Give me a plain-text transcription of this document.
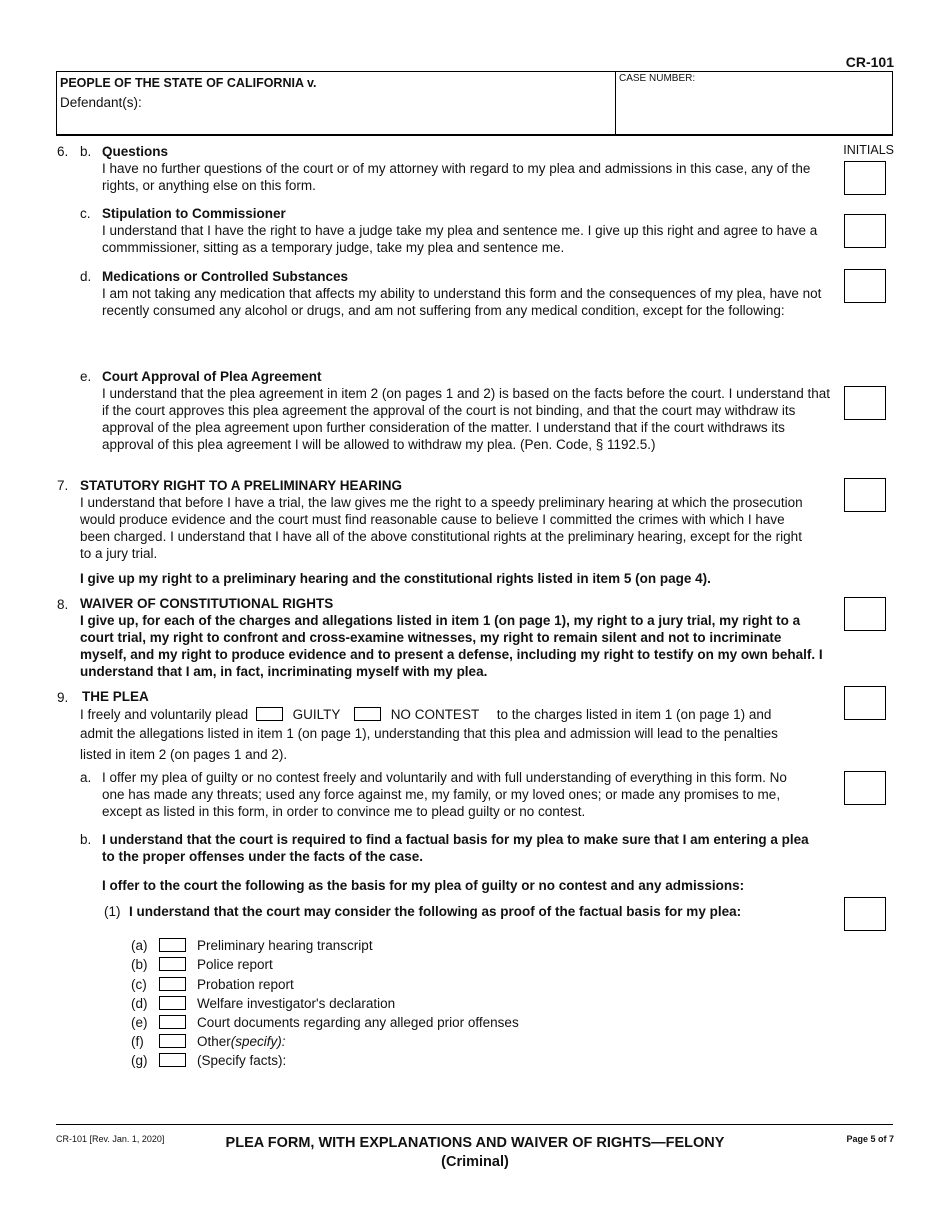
CR-101
PEOPLE OF THE STATE OF CALIFORNIA v.
Defendant(s):
CASE NUMBER:
INITIALS
6. b. Questions
I have no further questions of the court or of my attorney with regard to my plea and admissions in this case, any of the rights, or anything else on this form.
c. Stipulation to Commissioner
I understand that I have the right to have a judge take my plea and sentence me. I give up this right and agree to have a commmissioner, sitting as a temporary judge, take my plea and sentence me.
d. Medications or Controlled Substances
I am not taking any medication that affects my ability to understand this form and the consequences of my plea, have not recently consumed any alcohol or drugs, and am not suffering from any medical condition, except for the following:
e. Court Approval of Plea Agreement
I understand that the plea agreement in item 2 (on pages 1 and 2) is based on the facts before the court. I understand that if the court approves this plea agreement the approval of the court is not binding, and that the court may withdraw its approval of the plea agreement upon further consideration of the matter. I understand that if the court withdraws its approval of this plea agreement I will be allowed to withdraw my plea. (Pen. Code, § 1192.5.)
7. STATUTORY RIGHT TO A PRELIMINARY HEARING
I understand that before I have a trial, the law gives me the right to a speedy preliminary hearing at which the prosecution would produce evidence and the court must find reasonable cause to believe I committed the crimes with which I have been charged. I understand that I have all of the above constitutional rights at the preliminary hearing, except for the right to a jury trial.
I give up my right to a preliminary hearing and the constitutional rights listed in item 5 (on page 4).
8. WAIVER OF CONSTITUTIONAL RIGHTS
I give up, for each of the charges and allegations listed in item 1 (on page 1), my right to a jury trial, my right to a court trial, my right to confront and cross-examine witnesses, my right to remain silent and not to incriminate myself, and my right to produce evidence and to present a defense, including my right to testify on my own behalf. I understand that I am, in fact, incriminating myself with my plea.
9. THE PLEA
I freely and voluntarily plead	GUILTY	NO CONTEST to the charges listed in item 1 (on page 1) and
admit the allegations listed in item 1 (on page 1), understanding that this plea and admission will lead to the penalties
listed in item 2 (on pages 1 and 2).
a. I offer my plea of guilty or no contest freely and voluntarily and with full understanding of everything in this form. No one has made any threats; used any force against me, my family, or my loved ones; or made any promises to me, except as listed in this form, in order to convince me to plead guilty or no contest.
b. I understand that the court is required to find a factual basis for my plea to make sure that I am entering a plea to the proper offenses under the facts of the case.
I offer to the court the following as the basis for my plea of guilty or no contest and any admissions:
(1) I understand that the court may consider the following as proof of the factual basis for my plea:
(a)	Preliminary hearing transcript
(b)	Police report
(c)	Probation report
(d)	Welfare investigator's declaration
(e)	Court documents regarding any alleged prior offenses
(f)	Other(specify):
(g)	(Specify facts):
CR-101 [Rev. Jan. 1, 2020]	PLEA FORM, WITH EXPLANATIONS AND WAIVER OF RIGHTS—FELONY
(Criminal)
Page 5 of 7
